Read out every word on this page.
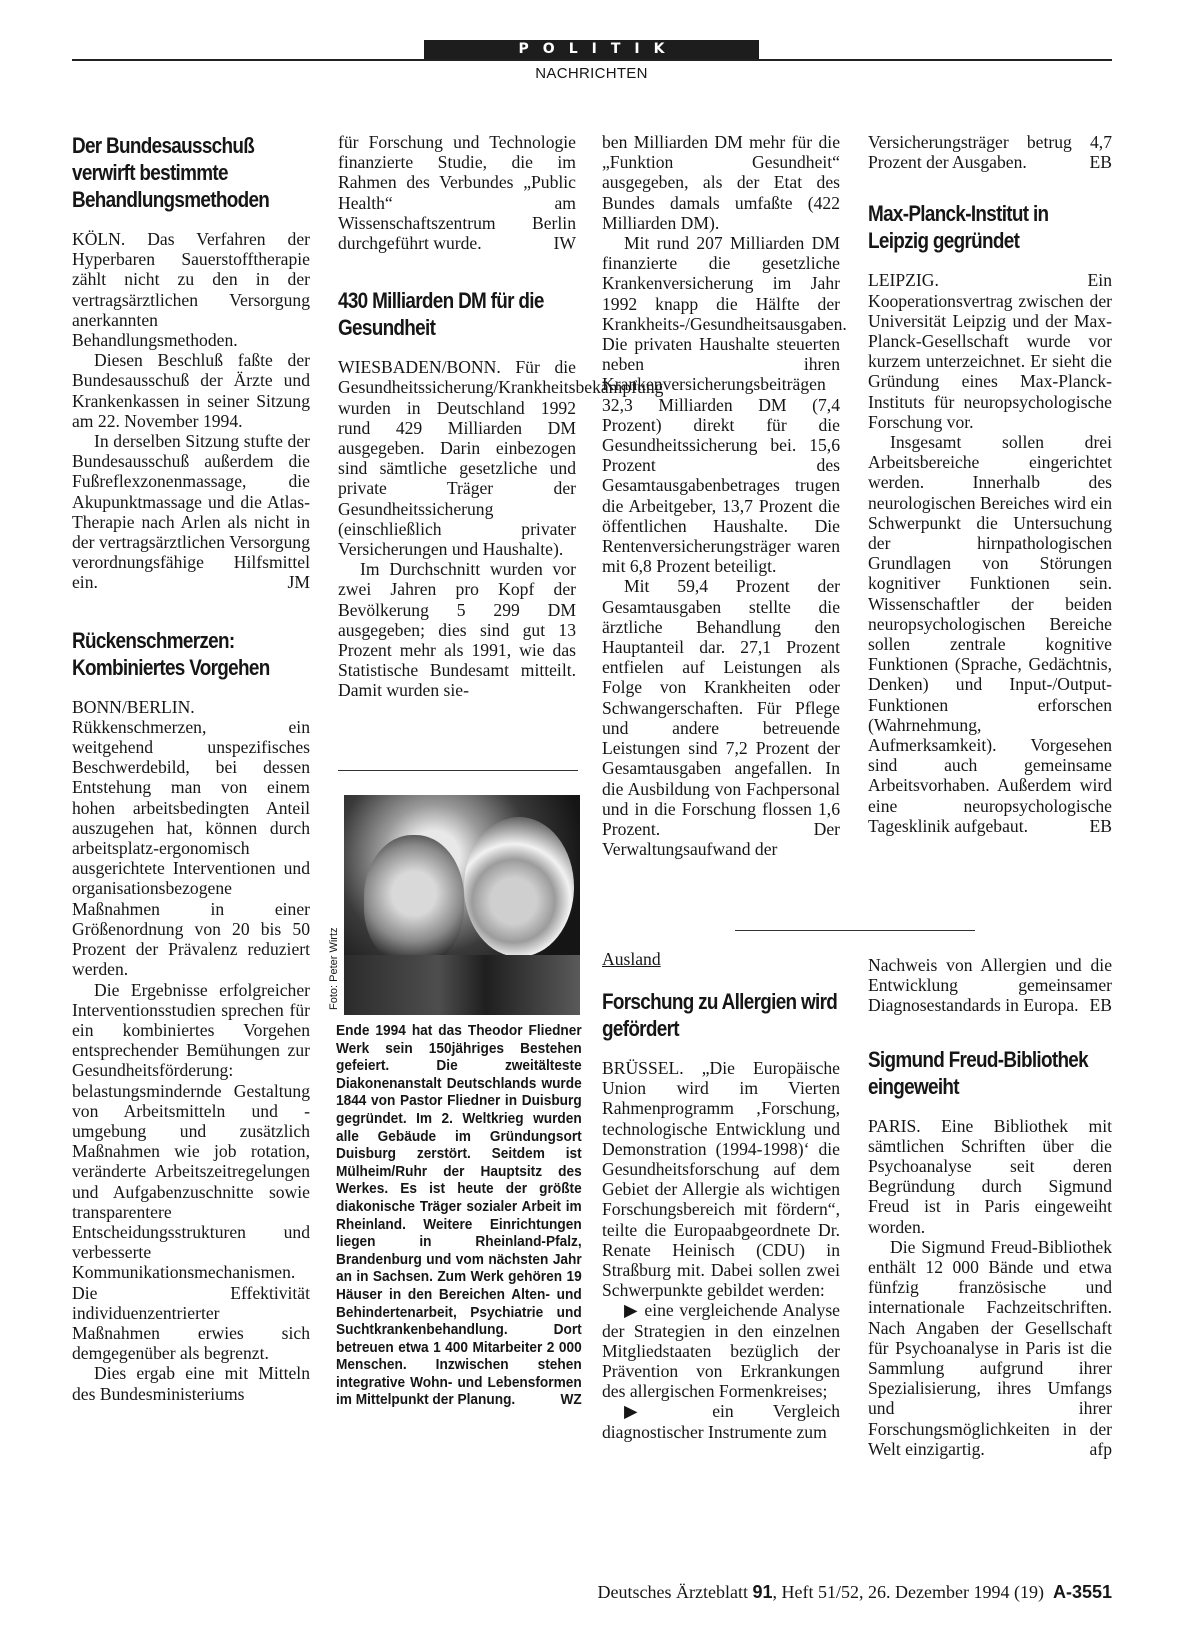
POLITIK
NACHRICHTEN
Der Bundesausschuß verwirft bestimmte Behandlungsmethoden

KÖLN. Das Verfahren der Hyperbaren Sauerstofftherapie zählt nicht zu den in der vertragsärztlichen Versorgung anerkannten Behandlungsmethoden.

Diesen Beschluß faßte der Bundesausschuß der Ärzte und Krankenkassen in seiner Sitzung am 22. November 1994.

In derselben Sitzung stufte der Bundesausschuß außerdem die Fußreflexzonenmassage, die Akupunktmassage und die Atlas-Therapie nach Arlen als nicht in der vertragsärztlichen Versorgung verordnungsfähige Hilfsmittel ein.	JM

Rückenschmerzen: Kombiniertes Vorgehen

BONN/BERLIN. Rükkenschmerzen, ein weitgehend unspezifisches Beschwerdebild, bei dessen Entstehung man von einem hohen arbeitsbedingten Anteil auszugehen hat, können durch arbeitsplatz-ergonomisch ausgerichtete Interventionen und organisationsbezogene Maßnahmen in einer Größenordnung von 20 bis 50 Prozent der Prävalenz reduziert werden.

Die Ergebnisse erfolgreicher Interventionsstudien sprechen für ein kombiniertes Vorgehen entsprechender Bemühungen zur Gesundheitsförderung: belastungsmindernde Gestaltung von Arbeitsmitteln und -umgebung und zusätzlich Maßnahmen wie job rotation, veränderte Arbeitszeitregelungen und Aufgabenzuschnitte sowie transparentere Entscheidungsstrukturen und verbesserte Kommunikationsmechanismen. Die Effektivität individuenzentrierter Maßnahmen erwies sich demgegenüber als begrenzt.

Dies ergab eine mit Mitteln des Bundesministeriums

für Forschung und Technologie finanzierte Studie, die im Rahmen des Verbundes „Public Health“ am Wissenschaftszentrum Berlin durchgeführt wurde.	IW

430 Milliarden DM für die Gesundheit

WIESBADEN/BONN. Für die Gesundheitssicherung/Krankheitsbekämpfung wurden in Deutschland 1992 rund 429 Milliarden DM ausgegeben. Darin einbezogen sind sämtliche gesetzliche und private Träger der Gesundheitssicherung (einschließlich privater Versicherungen und Haushalte).

Im Durchschnitt wurden vor zwei Jahren pro Kopf der Bevölkerung 5 299 DM ausgegeben; dies sind gut 13 Prozent mehr als 1991, wie das Statistische Bundesamt mitteilt. Damit wurden sie-

Foto: Peter Wirtz
Ende 1994 hat das Theodor Fliedner Werk sein 150jähriges Bestehen gefeiert. Die zweitälteste Diakonenanstalt Deutschlands wurde 1844 von Pastor Fliedner in Duisburg gegründet. Im 2. Weltkrieg wurden alle Gebäude im Gründungsort Duisburg zerstört. Seitdem ist Mülheim/Ruhr der Hauptsitz des Werkes. Es ist heute der größte diakonische Träger sozialer Arbeit im Rheinland. Weitere Einrichtungen liegen in Rheinland-Pfalz, Brandenburg und vom nächsten Jahr an in Sachsen. Zum Werk gehören 19 Häuser in den Bereichen Alten- und Behindertenarbeit, Psychiatrie und Suchtkrankenbehandlung. Dort betreuen etwa 1 400 Mitarbeiter 2 000 Menschen. Inzwischen stehen integrative Wohn- und Lebensformen im Mittelpunkt der Planung.	WZ

ben Milliarden DM mehr für die „Funktion Gesundheit“ ausgegeben, als der Etat des Bundes damals umfaßte (422 Milliarden DM).

Mit rund 207 Milliarden DM finanzierte die gesetzliche Krankenversicherung im Jahr 1992 knapp die Hälfte der Krankheits-/Gesundheitsausgaben. Die privaten Haushalte steuerten neben ihren Krankenversicherungsbeiträgen 32,3 Milliarden DM (7,4 Prozent) direkt für die Gesundheitssicherung bei. 15,6 Prozent des Gesamtausgabenbetrages trugen die Arbeitgeber, 13,7 Prozent die öffentlichen Haushalte. Die Rentenversicherungsträger waren mit 6,8 Prozent beteiligt.

Mit 59,4 Prozent der Gesamtausgaben stellte die ärztliche Behandlung den Hauptanteil dar. 27,1 Prozent entfielen auf Leistungen als Folge von Krankheiten oder Schwangerschaften. Für Pflege und andere betreuende Leistungen sind 7,2 Prozent der Gesamtausgaben angefallen. In die Ausbildung von Fachpersonal und in die Forschung flossen 1,6 Prozent. Der Verwaltungsaufwand der

Versicherungsträger betrug 4,7 Prozent der Ausgaben.	EB

Max-Planck-Institut in Leipzig gegründet

LEIPZIG. Ein Kooperationsvertrag zwischen der Universität Leipzig und der Max-Planck-Gesellschaft wurde vor kurzem unterzeichnet. Er sieht die Gründung eines Max-Planck-Instituts für neuropsychologische Forschung vor.

Insgesamt sollen drei Arbeitsbereiche eingerichtet werden. Innerhalb des neurologischen Bereiches wird ein Schwerpunkt die Untersuchung der hirnpathologischen Grundlagen von Störungen kognitiver Funktionen sein. Wissenschaftler der beiden neuropsychologischen Bereiche sollen zentrale kognitive Funktionen (Sprache, Gedächtnis, Denken) und Input-/Output-Funktionen erforschen (Wahrnehmung, Aufmerksamkeit). Vorgesehen sind auch gemeinsame Arbeitsvorhaben. Außerdem wird eine neuropsychologische Tagesklinik aufgebaut.	EB

Ausland
Forschung zu Allergien wird gefördert

BRÜSSEL. „Die Europäische Union wird im Vierten Rahmenprogramm ‚Forschung, technologische Entwicklung und Demonstration (1994-1998)‘ die Gesundheitsforschung auf dem Gebiet der Allergie als wichtigen Forschungsbereich mit fördern“, teilte die Europaabgeordnete Dr. Renate Heinisch (CDU) in Straßburg mit. Dabei sollen zwei Schwerpunkte gebildet werden:

▶ eine vergleichende Analyse der Strategien in den einzelnen Mitgliedstaaten bezüglich der Prävention von Erkrankungen des allergischen Formenkreises;

▶ ein Vergleich diagnostischer Instrumente zum

Nachweis von Allergien und die Entwicklung gemeinsamer Diagnosestandards in Europa. EB

Sigmund Freud-Bibliothek eingeweiht

PARIS. Eine Bibliothek mit sämtlichen Schriften über die Psychoanalyse seit deren Begründung durch Sigmund Freud ist in Paris eingeweiht worden.

Die Sigmund Freud-Bibliothek enthält 12 000 Bände und etwa fünfzig französische und internationale Fachzeitschriften. Nach Angaben der Gesellschaft für Psychoanalyse in Paris ist die Sammlung aufgrund ihrer Spezialisierung, ihres Umfangs und ihrer Forschungsmöglichkeiten in der Welt einzigartig.	afp

Deutsches Ärzteblatt 91, Heft 51/52, 26. Dezember 1994 (19) A-3551
